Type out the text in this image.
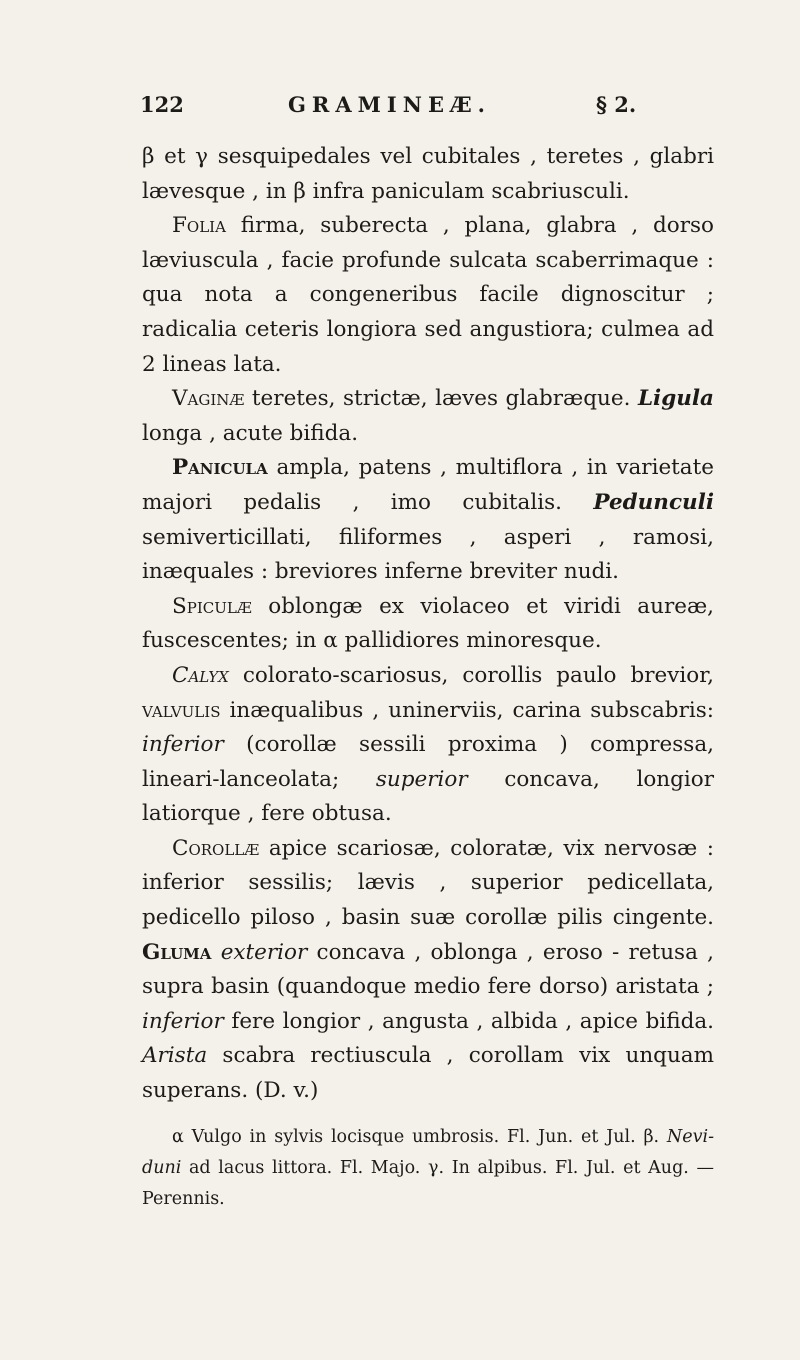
122	GRAMINEÆ.	§ 2.

β et γ sesquipedales vel cubitales , teretes , glabri lævesque , in β infra paniculam scabriusculi.

Folia firma, suberecta , plana, glabra , dorso læviuscula , facie profunde sulcata scaberrimaque : qua nota a congeneribus facile dignoscitur ; radicalia ceteris longiora sed angustiora; culmea ad 2 lineas lata.

Vaginæ teretes, strictæ, læves glabræque. Ligula longa , acute bifida.

Panicula ampla, patens , multiflora , in varietate majori pedalis , imo cubitalis. Pedunculi semiverticillati, filiformes , asperi , ramosi, inæquales : breviores inferne breviter nudi.

Spiculæ oblongæ ex violaceo et viridi aureæ, fuscescentes; in α pallidiores minoresque.

Calyx colorato-scariosus, corollis paulo brevior, valvulis inæqualibus , uninerviis, carina subscabris: inferior (corollæ sessili proxima ) compressa, lineari-lanceolata; superior concava, longior latiorque , fere obtusa.

Corollæ apice scariosæ, coloratæ, vix nervosæ : inferior sessilis; lævis , superior pedicellata, pedicello piloso , basin suæ corollæ pilis cingente. Gluma exterior concava , oblonga , eroso - retusa , supra basin (quandoque medio fere dorso) aristata ; inferior fere longior , angusta , albida , apice bifida. Arista scabra rectiuscula , corollam vix unquam superans. (D. v.)

α Vulgo in sylvis locisque umbrosis. Fl. Jun. et Jul. β. Nevi-duni ad lacus littora. Fl. Majo. γ. In alpibus. Fl. Jul. et Aug. — Perennis.
